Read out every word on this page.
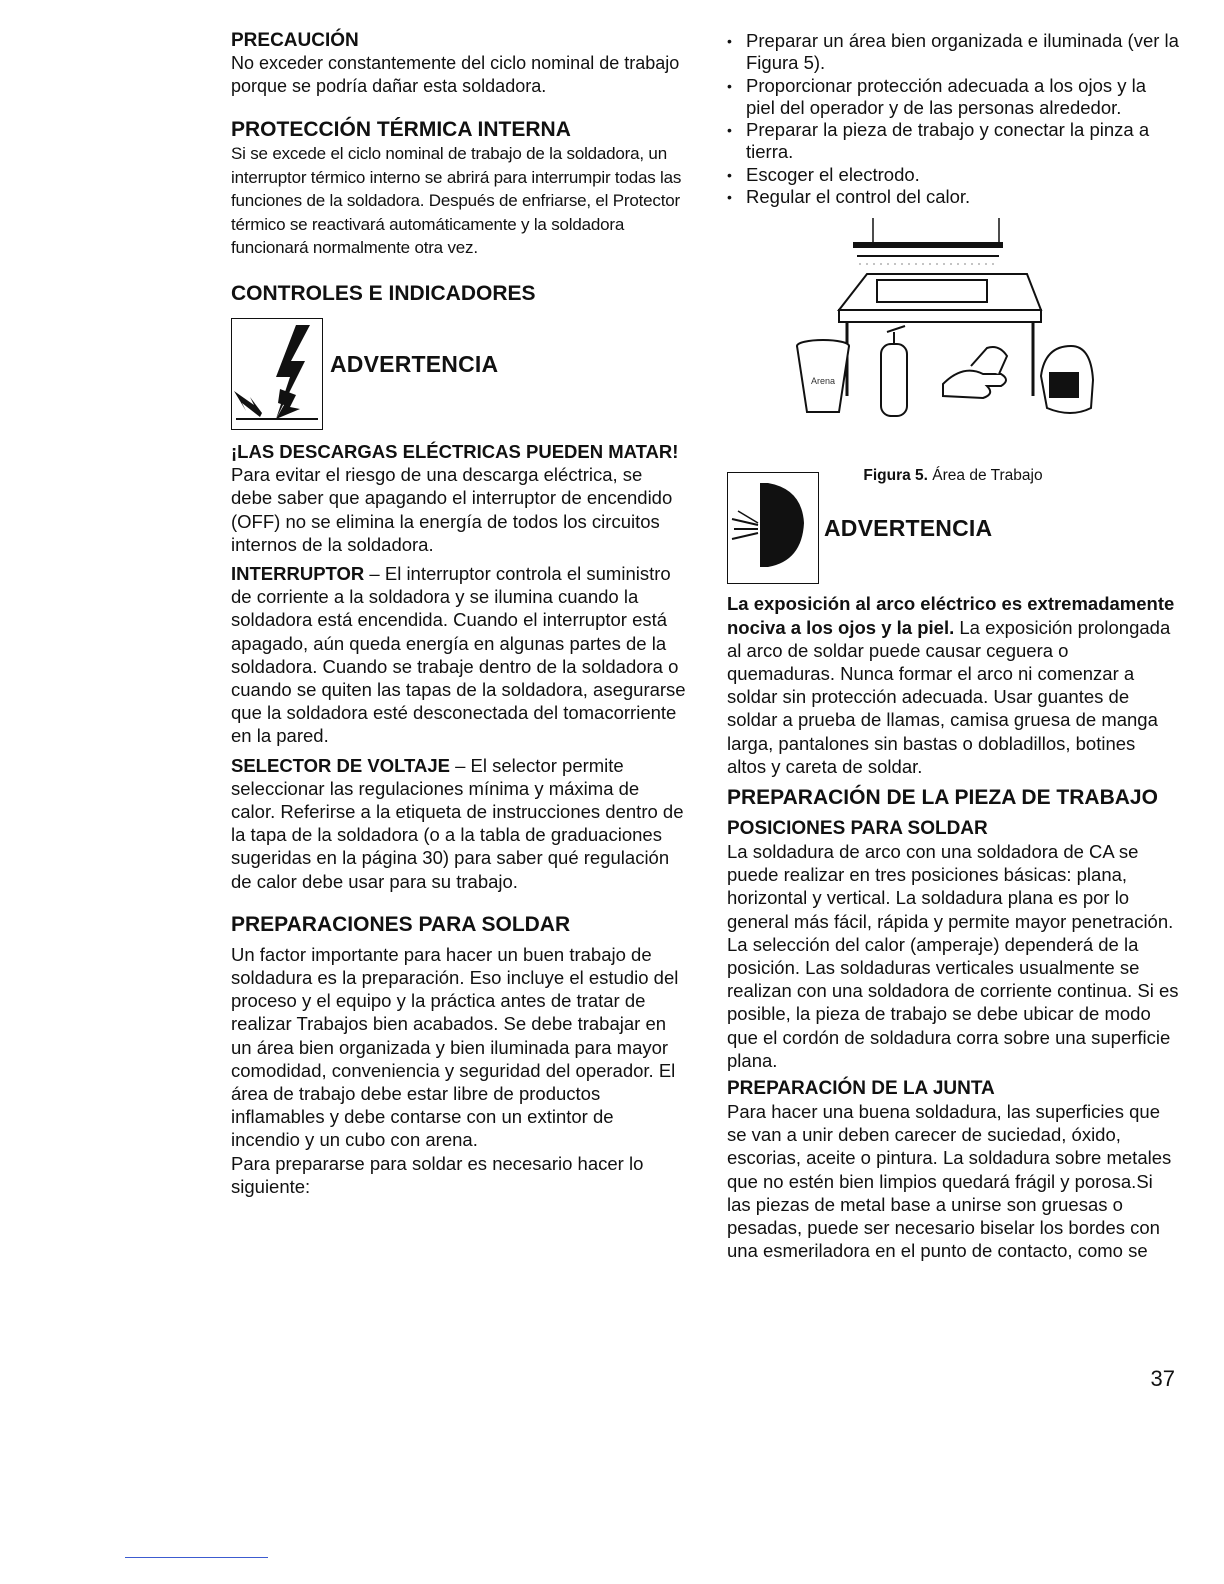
PRECAUCIÓN

No exceder constantemente del ciclo nominal de trabajo porque se podría dañar esta soldadora.

PROTECCIÓN TÉRMICA INTERNA

Si se excede el ciclo nominal de trabajo de la soldadora, un interruptor térmico interno se abrirá para interrumpir todas las funciones de la soldadora. Después de enfriarse, el Protector térmico se reactivará automáticamente y la soldadora funcionará normalmente otra vez.

CONTROLES E INDICADORES
ADVERTENCIA

¡LAS DESCARGAS ELÉCTRICAS PUEDEN MATAR! Para evitar el riesgo de una descarga eléctrica, se debe saber que apagando el interruptor de encendido (OFF) no se elimina la energía de todos los circuitos internos de la soldadora.

INTERRUPTOR – El interruptor controla el suministro de corriente a la soldadora y se ilumina cuando la soldadora está encendida. Cuando el interruptor está apagado, aún queda energía en algunas partes de la soldadora. Cuando se trabaje dentro de la soldadora o cuando se quiten las tapas de la soldadora, asegurarse que la soldadora esté desconectada del tomacorriente en la pared.

SELECTOR DE VOLTAJE – El selector permite seleccionar las regulaciones mínima y máxima de calor. Referirse a la etiqueta de instrucciones dentro de la tapa de la soldadora (o a la tabla de graduaciones sugeridas en la página 30) para saber qué regulación de calor debe usar para su trabajo.

PREPARACIONES PARA SOLDAR

Un factor importante para hacer un buen trabajo de soldadura es la preparación. Eso incluye el estudio del proceso y el equipo y la práctica antes de tratar de realizar Trabajos bien acabados. Se debe trabajar en un área bien organizada y bien iluminada para mayor comodidad, conveniencia y seguridad del operador. El área de trabajo debe estar libre de productos inflamables y debe contarse con un extintor de incendio y un cubo con arena.

Para prepararse para soldar es necesario hacer lo siguiente:

• Preparar un área bien organizada e iluminada (ver la Figura 5).
• Proporcionar protección adecuada a los ojos y la piel del operador y de las personas alrededor.
• Preparar la pieza de trabajo y conectar la pinza a tierra.
• Escoger el electrodo.
• Regular el control del calor.
Arena
Figura 5. Área de Trabajo
ADVERTENCIA

La exposición al arco eléctrico es extremadamente nociva a los ojos y la piel. La exposición prolongada al arco de soldar puede causar ceguera o quemaduras. Nunca formar el arco ni comenzar a soldar sin protección adecuada. Usar guantes de soldar a prueba de llamas, camisa gruesa de manga larga, pantalones sin bastas o dobladillos, botines altos y careta de soldar.

PREPARACIÓN DE LA PIEZA DE TRABAJO
POSICIONES PARA SOLDAR

La soldadura de arco con una soldadora de CA se puede realizar en tres posiciones básicas: plana, horizontal y vertical. La soldadura plana es por lo general más fácil, rápida y permite mayor penetración. La selección del calor (amperaje) dependerá de la posición. Las soldaduras verticales usualmente se realizan con una soldadora de corriente continua. Si es posible, la pieza de trabajo se debe ubicar de modo que el cordón de soldadura corra sobre una superficie plana.

PREPARACIÓN DE LA JUNTA

Para hacer una buena soldadura, las superficies que se van a unir deben carecer de suciedad, óxido, escorias, aceite o pintura. La soldadura sobre metales que no estén bien limpios quedará frágil y porosa.Si las piezas de metal base a unirse son gruesas o pesadas, puede ser necesario biselar los bordes con una esmeriladora en el punto de contacto, como se

37
